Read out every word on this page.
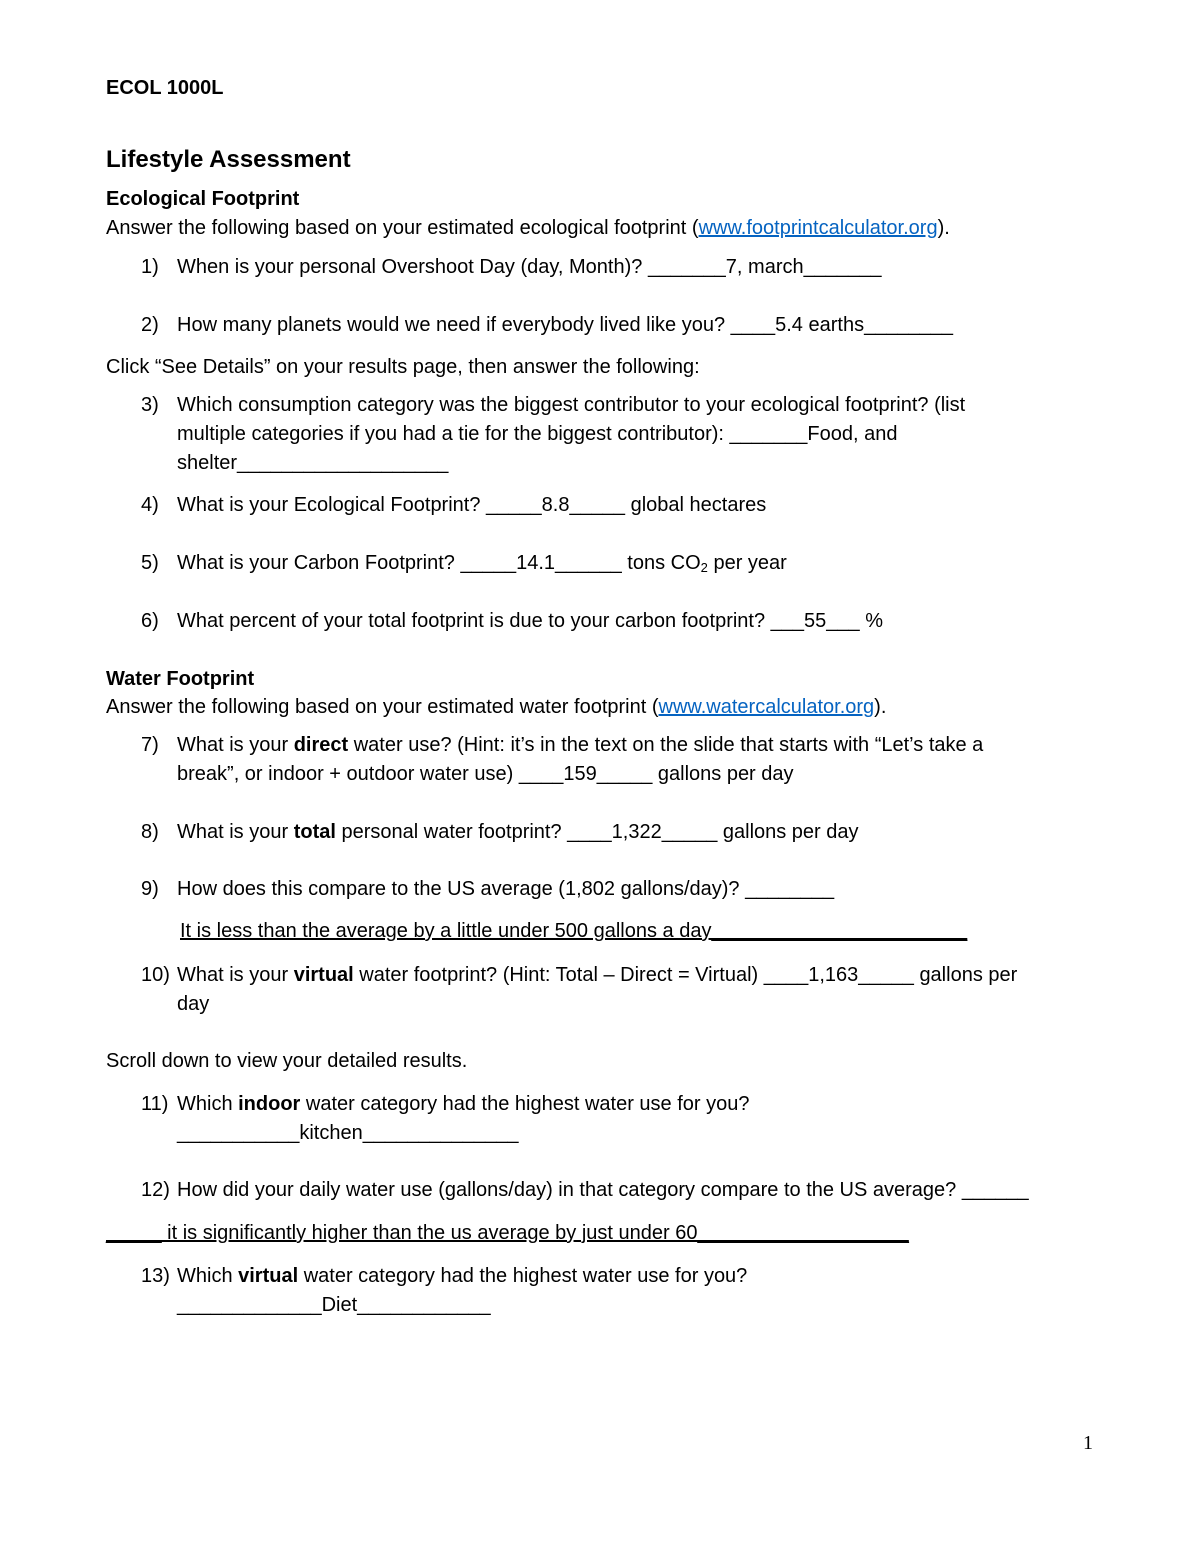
ECOL 1000L
Lifestyle Assessment
Ecological Footprint
Answer the following based on your estimated ecological footprint (www.footprintcalculator.org).
1) When is your personal Overshoot Day (day, Month)? _______7, march_______
2) How many planets would we need if everybody lived like you? ____5.4 earths________
Click “See Details” on your results page, then answer the following:
3) Which consumption category was the biggest contributor to your ecological footprint? (list
multiple categories if you had a tie for the biggest contributor): _______Food, and
shelter___________________
4) What is your Ecological Footprint? _____8.8_____ global hectares
5) What is your Carbon Footprint? _____14.1______ tons $CO_2$ per year
6) What percent of your total footprint is due to your carbon footprint? ___55___ %
Water Footprint
Answer the following based on your estimated water footprint (www.watercalculator.org).
7) What is your direct water use? (Hint: it’s in the text on the slide that starts with “Let’s take a
break”, or indoor + outdoor water use) ____159_____ gallons per day
8) What is your total personal water footprint? ____1,322_____ gallons per day
9) How does this compare to the US average (1,802 gallons/day)? ________
It is less than the average by a little under 500 gallons a day_______________________
10) What is your virtual water footprint? (Hint: Total – Direct = Virtual) ____1,163_____ gallons per
day
Scroll down to view your detailed results.
11) Which indoor water category had the highest water use for you?
___________kitchen______________
12) How did your daily water use (gallons/day) in that category compare to the US average? ______
_____ it is significantly higher than the us average by just under 60___________________
13) Which virtual water category had the highest water use for you?
_____________Diet____________
1
